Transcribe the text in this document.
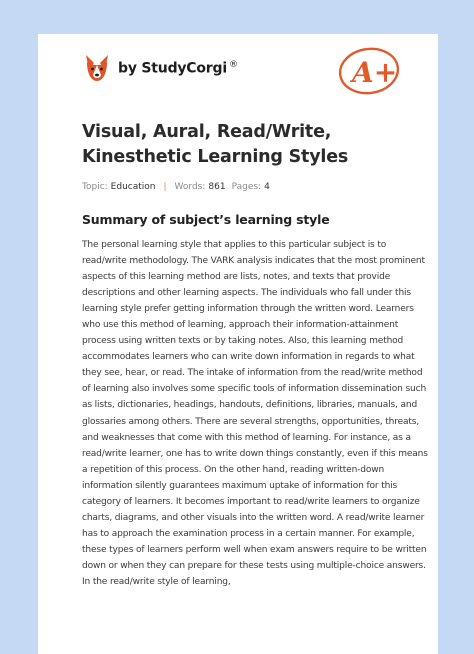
by StudyCorgi ®	A+
Visual, Aural, Read/Write, Kinesthetic Learning Styles
Topic: Education | Words: 861 Pages: 4
Summary of subject’s learning style

The personal learning style that applies to this particular subject is to read/write methodology. The VARK analysis indicates that the most prominent aspects of this learning method are lists, notes, and texts that provide descriptions and other learning aspects. The individuals who fall under this learning style prefer getting information through the written word. Learners who use this method of learning, approach their information-attainment process using written texts or by taking notes. Also, this learning method accommodates learners who can write down information in regards to what they see, hear, or read. The intake of information from the read/write method of learning also involves some specific tools of information dissemination such as lists, dictionaries, headings, handouts, definitions, libraries, manuals, and glossaries among others. There are several strengths, opportunities, threats, and weaknesses that come with this method of learning. For instance, as a read/write learner, one has to write down things constantly, even if this means a repetition of this process. On the other hand, reading written-down information silently guarantees maximum uptake of information for this category of learners. It becomes important to read/write learners to organize charts, diagrams, and other visuals into the written word. A read/write learner has to approach the examination process in a certain manner. For example, these types of learners perform well when exam answers require to be written down or when they can prepare for these tests using multiple-choice answers. In the read/write style of learning,
